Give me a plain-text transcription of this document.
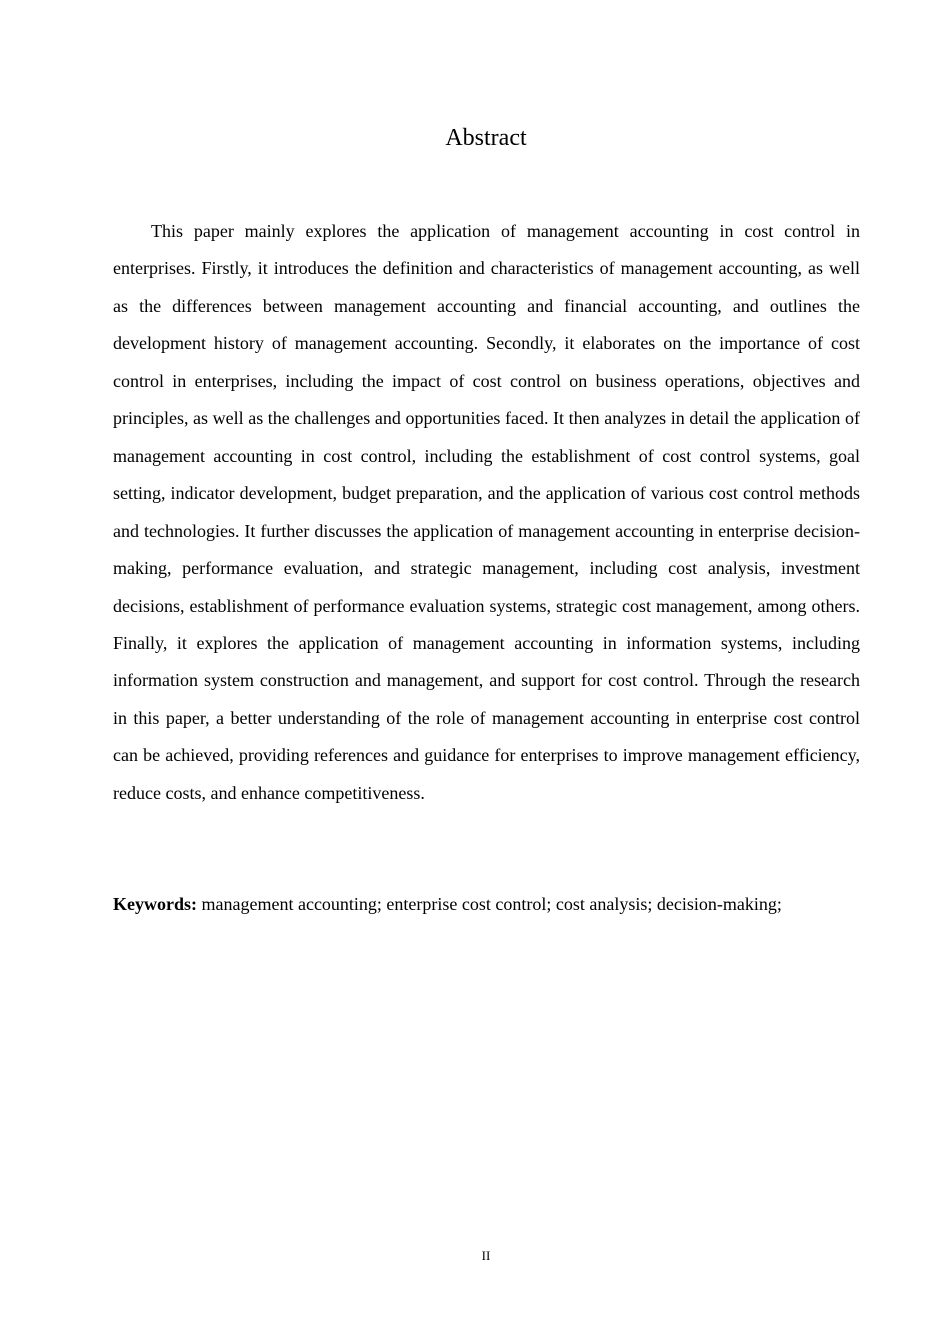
Abstract

This paper mainly explores the application of management accounting in cost control in enterprises. Firstly, it introduces the definition and characteristics of management accounting, as well as the differences between management accounting and financial accounting, and outlines the development history of management accounting. Secondly, it elaborates on the importance of cost control in enterprises, including the impact of cost control on business operations, objectives and principles, as well as the challenges and opportunities faced. It then analyzes in detail the application of management accounting in cost control, including the establishment of cost control systems, goal setting, indicator development, budget preparation, and the application of various cost control methods and technologies. It further discusses the application of management accounting in enterprise decision-making, performance evaluation, and strategic management, including cost analysis, investment decisions, establishment of performance evaluation systems, strategic cost management, among others. Finally, it explores the application of management accounting in information systems, including information system construction and management, and support for cost control. Through the research in this paper, a better understanding of the role of management accounting in enterprise cost control can be achieved, providing references and guidance for enterprises to improve management efficiency, reduce costs, and enhance competitiveness.

Keywords: management accounting; enterprise cost control; cost analysis; decision-making;

II
